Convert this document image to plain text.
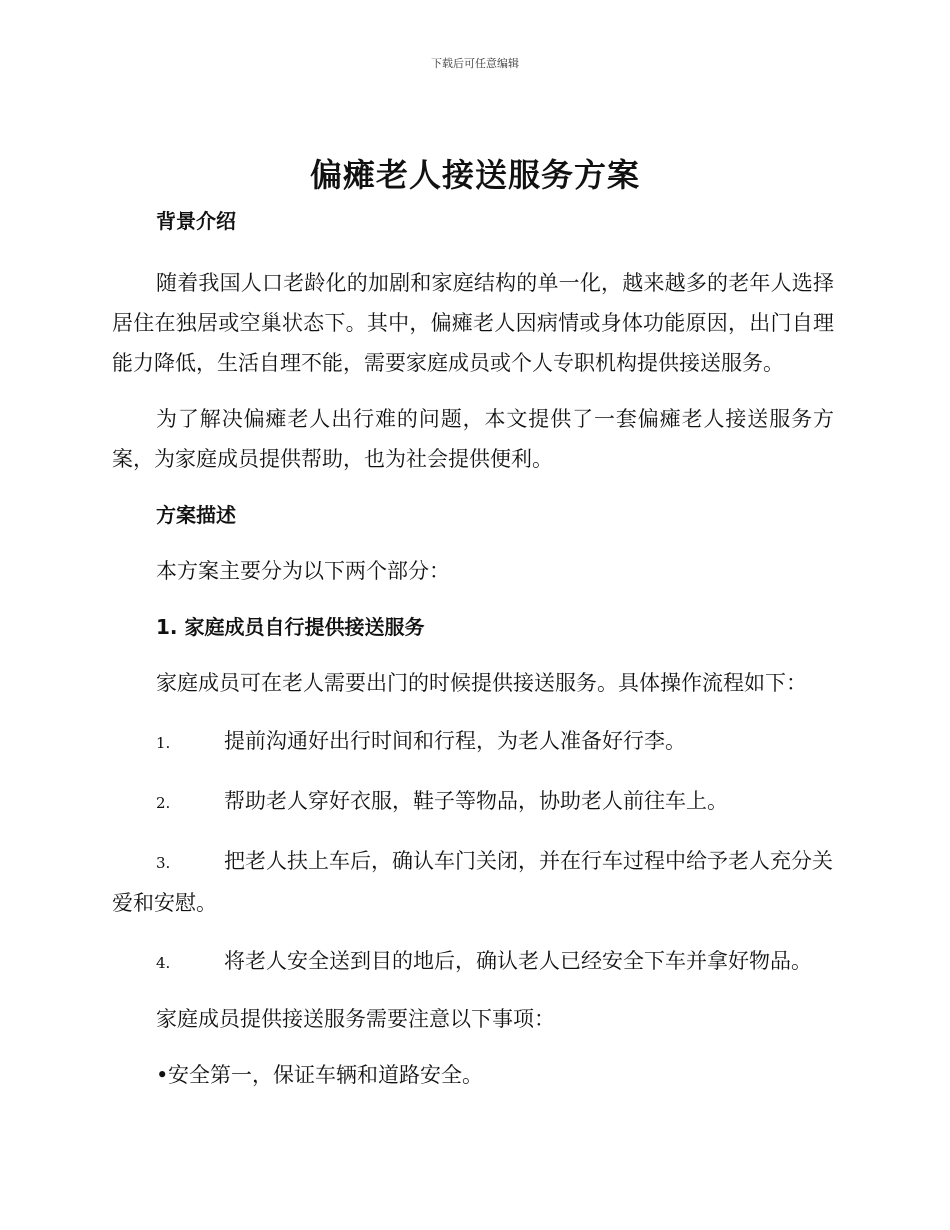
下载后可任意编辑
偏瘫老人接送服务方案

背景介绍

随着我国人口老龄化的加剧和家庭结构的单一化，越来越多的老年人选择居住在独居或空巢状态下。其中，偏瘫老人因病情或身体功能原因，出门自理能力降低，生活自理不能，需要家庭成员或个人专职机构提供接送服务。

为了解决偏瘫老人出行难的问题，本文提供了一套偏瘫老人接送服务方案，为家庭成员提供帮助，也为社会提供便利。

方案描述

本方案主要分为以下两个部分：

1. 家庭成员自行提供接送服务

家庭成员可在老人需要出门的时候提供接送服务。具体操作流程如下：

1.	提前沟通好出行时间和行程，为老人准备好行李。

2.	帮助老人穿好衣服，鞋子等物品，协助老人前往车上。

3.	把老人扶上车后，确认车门关闭，并在行车过程中给予老人充分关爱和安慰。

4.	将老人安全送到目的地后，确认老人已经安全下车并拿好物品。

家庭成员提供接送服务需要注意以下事项：

•安全第一，保证车辆和道路安全。
